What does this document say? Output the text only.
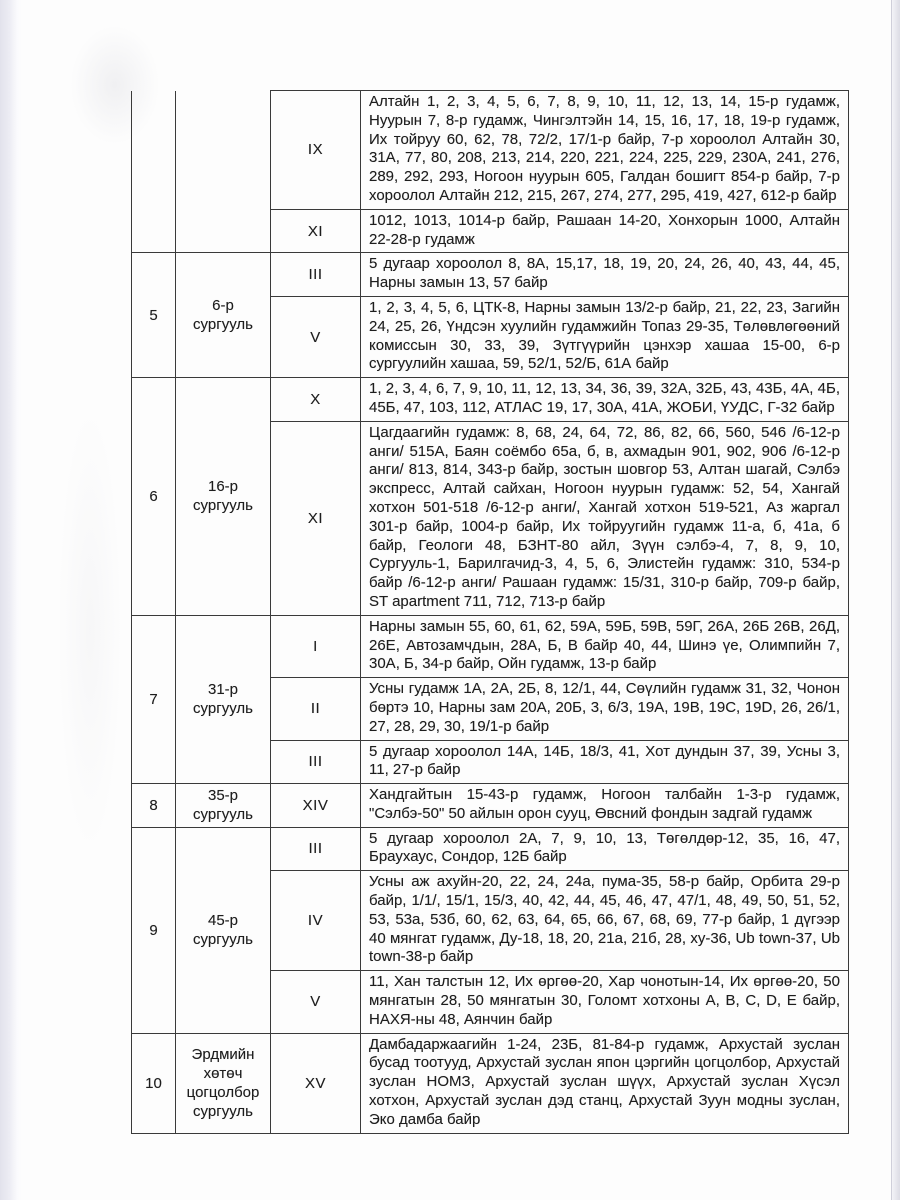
		IX	Алтайн 1, 2, 3, 4, 5, 6, 7, 8, 9, 10, 11, 12, 13, 14, 15-р гудамж, Нуурын 7, 8-р гудамж, Чингэлтэйн 14, 15, 16, 17, 18, 19-р гудамж, Их тойруу 60, 62, 78, 72/2, 17/1-р байр, 7-р хороолол Алтайн 30, 31А, 77, 80, 208, 213, 214, 220, 221, 224, 225, 229, 230А, 241, 276, 289, 292, 293, Ногоон нуурын 605, Галдан бошигт 854-р байр, 7-р хороолол Алтайн 212, 215, 267, 274, 277, 295, 419, 427, 612-р байр
		XI	1012, 1013, 1014-р байр, Рашаан 14-20, Хонхорын 1000, Алтайн 22-28-р гудамж
5	6-р сургууль	III	5 дугаар хороолол 8, 8А, 15,17, 18, 19, 20, 24, 26, 40, 43, 44, 45, Нарны замын 13, 57 байр
		V	1, 2, 3, 4, 5, 6, ЦТК-8, Нарны замын 13/2-р байр, 21, 22, 23, Загийн 24, 25, 26, Үндсэн хуулийн гудамжийн Топаз 29-35, Төлөвлөгөөний комиссын 30, 33, 39, Зүтгүүрийн цэнхэр хашаа 15-00, 6-р сургуулийн хашаа, 59, 52/1, 52/Б, 61А байр
6	16-р сургууль	X	1, 2, 3, 4, 6, 7, 9, 10, 11, 12, 13, 34, 36, 39, 32А, 32Б, 43, 43Б, 4А, 4Б, 45Б, 47, 103, 112, АТЛАС 19, 17, 30А, 41А, ЖОБИ, ҮУДС, Г-32 байр
		XI	Цагдаагийн гудамж: 8, 68, 24, 64, 72, 86, 82, 66, 560, 546 /6-12-р анги/ 515А, Баян соёмбо 65а, б, в, ахмадын 901, 902, 906 /6-12-р анги/ 813, 814, 343-р байр, зостын шовгор 53, Алтан шагай, Сэлбэ экспресс, Алтай сайхан, Ногоон нуурын гудамж: 52, 54, Хангай хотхон 501-518 /6-12-р анги/, Хангай хотхон 519-521, Аз жаргал 301-р байр, 1004-р байр, Их тойруугийн гудамж 11-а, б, 41а, б байр, Геологи 48, БЗНТ-80 айл, Зүүн сэлбэ-4, 7, 8, 9, 10, Сургууль-1, Барилгачид-3, 4, 5, 6, Элистейн гудамж: 310, 534-р байр /6-12-р анги/ Рашаан гудамж: 15/31, 310-р байр, 709-р байр, ST apartment 711, 712, 713-р байр
7	31-р сургууль	I	Нарны замын 55, 60, 61, 62, 59А, 59Б, 59В, 59Г, 26А, 26Б 26В, 26Д, 26Е, Автозамчдын, 28А, Б, В байр 40, 44, Шинэ үе, Олимпийн 7, 30А, Б, 34-р байр, Ойн гудамж, 13-р байр
		II	Усны гудамж 1А, 2А, 2Б, 8, 12/1, 44, Сөүлийн гудамж 31, 32, Чонон бөртэ 10, Нарны зам 20А, 20Б, 3, 6/3, 19А, 19В, 19С, 19D, 26, 26/1, 27, 28, 29, 30, 19/1-р байр
		III	5 дугаар хороолол 14А, 14Б, 18/3, 41, Хот дундын 37, 39, Усны 3, 11, 27-р байр
8	35-р сургууль	XIV	Хандгайтын 15-43-р гудамж, Ногоон талбайн 1-3-р гудамж, "Сэлбэ-50" 50 айлын орон сууц, Өвсний фондын задгай гудамж
9	45-р сургууль	III	5 дугаар хороолол 2А, 7, 9, 10, 13, Төгөлдөр-12, 35, 16, 47, Браухаус, Сондор, 12Б байр
		IV	Усны аж ахуйн-20, 22, 24, 24а, пума-35, 58-р байр, Орбита 29-р байр, 1/1/, 15/1, 15/3, 40, 42, 44, 45, 46, 47, 47/1, 48, 49, 50, 51, 52, 53, 53а, 53б, 60, 62, 63, 64, 65, 66, 67, 68, 69, 77-р байр, 1 дүгээр 40 мянгат гудамж, Ду-18, 18, 20, 21а, 21б, 28, ху-36, Ub town-37, Ub town-38-р байр
		V	11, Хан талстын 12, Их өргөө-20, Хар чонотын-14, Их өргөө-20, 50 мянгатын 28, 50 мянгатын 30, Голомт хотхоны А, В, С, D, Е байр, НАХЯ-ны 48, Аянчин байр
10	Эрдмийн хөтөч цогцолбор сургууль	XV	Дамбадаржаагийн 1-24, 23Б, 81-84-р гудамж, Архустай зуслан бусад тоотууд, Архустай зуслан япон цэргийн цогцолбор, Архустай зуслан НОМЗ, Архустай зуслан шүүх, Архустай зуслан Хүсэл хотхон, Архустай зуслан дэд станц, Архустай Зуун модны зуслан, Эко дамба байр
